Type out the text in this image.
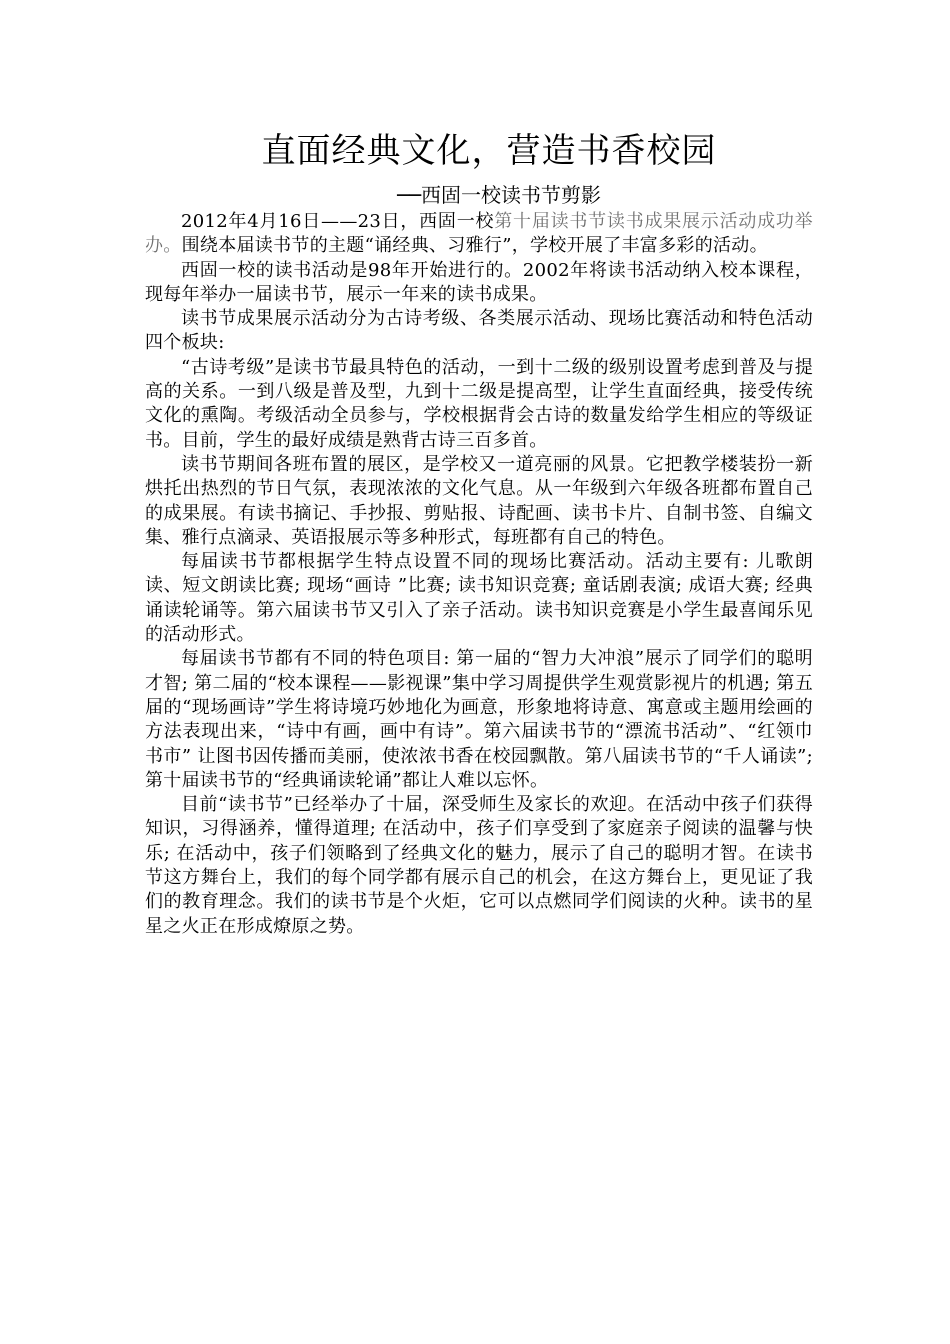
直面经典文化，营造书香校园
──西固一校读书节剪影

2012年4月16日——23日，西固一校第十届读书节读书成果展示活动成功举办。围绕本届读书节的主题“诵经典、习雅行”，学校开展了丰富多彩的活动。

西固一校的读书活动是98年开始进行的。2002年将读书活动纳入校本课程，现每年举办一届读书节，展示一年来的读书成果。

读书节成果展示活动分为古诗考级、各类展示活动、现场比赛活动和特色活动四个板块:

“古诗考级”是读书节最具特色的活动，一到十二级的级别设置考虑到普及与提高的关系。一到八级是普及型，九到十二级是提高型，让学生直面经典，接受传统文化的熏陶。考级活动全员参与，学校根据背会古诗的数量发给学生相应的等级证书。目前，学生的最好成绩是熟背古诗三百多首。

读书节期间各班布置的展区，是学校又一道亮丽的风景。它把教学楼装扮一新烘托出热烈的节日气氛，表现浓浓的文化气息。从一年级到六年级各班都布置自己的成果展。有读书摘记、手抄报、剪贴报、诗配画、读书卡片、自制书签、自编文集、雅行点滴录、英语报展示等多种形式，每班都有自己的特色。

每届读书节都根据学生特点设置不同的现场比赛活动。活动主要有: 儿歌朗读、短文朗读比赛; 现场“画诗 ”比赛; 读书知识竞赛; 童话剧表演; 成语大赛; 经典诵读轮诵等。第六届读书节又引入了亲子活动。读书知识竞赛是小学生最喜闻乐见的活动形式。

每届读书节都有不同的特色项目: 第一届的“智力大冲浪”展示了同学们的聪明才智; 第二届的“校本课程——影视课”集中学习周提供学生观赏影视片的机遇; 第五届的“现场画诗”学生将诗境巧妙地化为画意，形象地将诗意、寓意或主题用绘画的方法表现出来，“诗中有画，画中有诗”。第六届读书节的“漂流书活动”、“红领巾书市” 让图书因传播而美丽，使浓浓书香在校园飘散。第八届读书节的“千人诵读”; 第十届读书节的“经典诵读轮诵”都让人难以忘怀。

目前“读书节”已经举办了十届，深受师生及家长的欢迎。在活动中孩子们获得知识，习得涵养，懂得道理; 在活动中，孩子们享受到了家庭亲子阅读的温馨与快乐; 在活动中，孩子们领略到了经典文化的魅力，展示了自己的聪明才智。在读书节这方舞台上，我们的每个同学都有展示自己的机会，在这方舞台上，更见证了我们的教育理念。我们的读书节是个火炬，它可以点燃同学们阅读的火种。读书的星星之火正在形成燎原之势。
